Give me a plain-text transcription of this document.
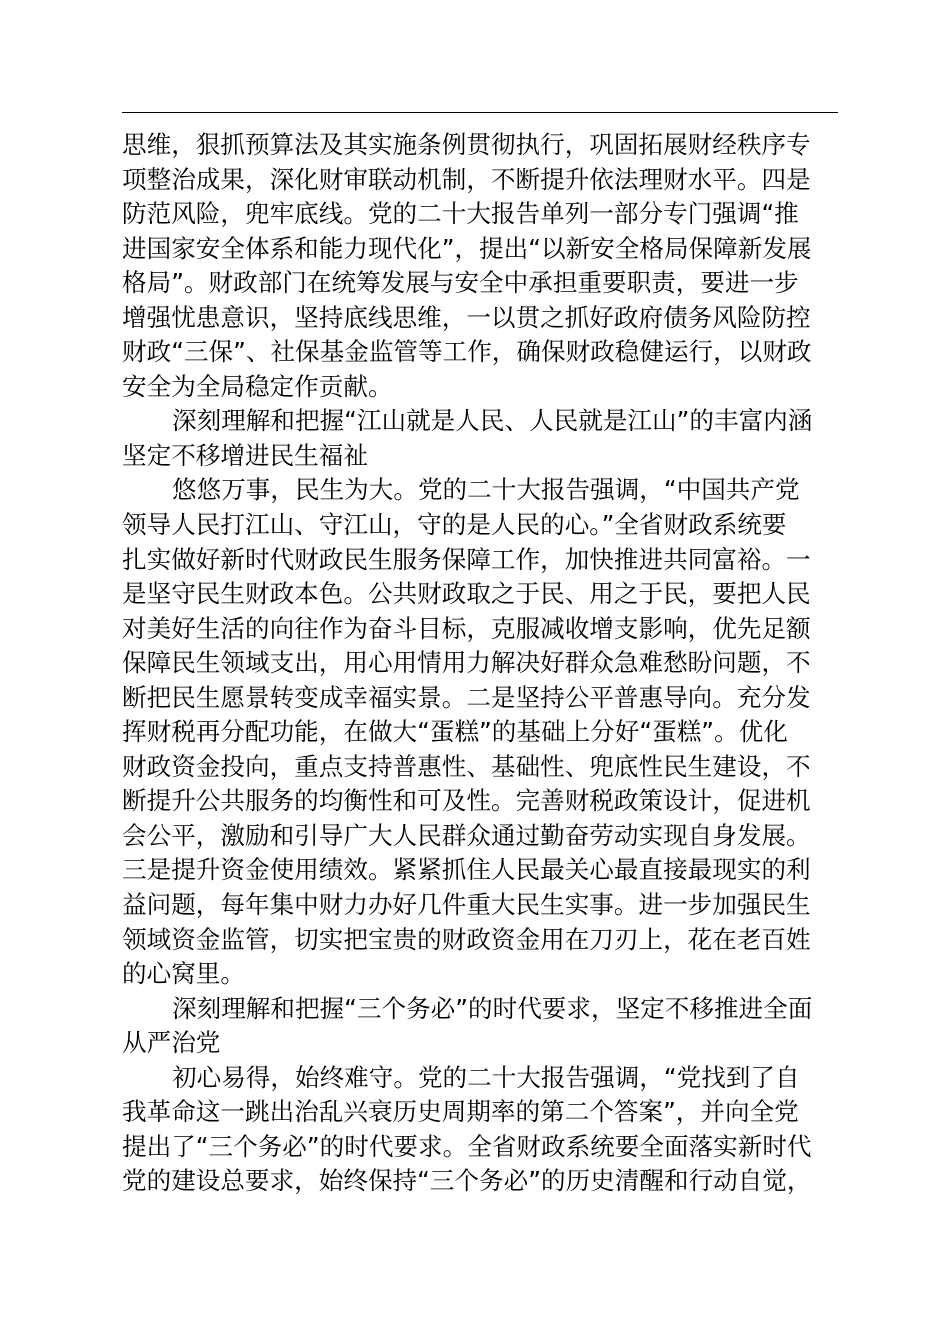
思维，狠抓预算法及其实施条例贯彻执行，巩固拓展财经秩序专
项整治成果，深化财审联动机制，不断提升依法理财水平。四是
防范风险，兜牢底线。党的二十大报告单列一部分专门强调“推
进国家安全体系和能力现代化”，提出“以新安全格局保障新发展
格局”。财政部门在统筹发展与安全中承担重要职责，要进一步
增强忧患意识，坚持底线思维，一以贯之抓好政府债务风险防控
财政“三保”、社保基金监管等工作，确保财政稳健运行，以财政
安全为全局稳定作贡献。
深刻理解和把握“江山就是人民、人民就是江山”的丰富内涵
坚定不移增进民生福祉
悠悠万事，民生为大。党的二十大报告强调，“中国共产党
领导人民打江山、守江山，守的是人民的心。”全省财政系统要
扎实做好新时代财政民生服务保障工作，加快推进共同富裕。一
是坚守民生财政本色。公共财政取之于民、用之于民，要把人民
对美好生活的向往作为奋斗目标，克服减收增支影响，优先足额
保障民生领域支出，用心用情用力解决好群众急难愁盼问题，不
断把民生愿景转变成幸福实景。二是坚持公平普惠导向。充分发
挥财税再分配功能，在做大“蛋糕”的基础上分好“蛋糕”。优化
财政资金投向，重点支持普惠性、基础性、兜底性民生建设，不
断提升公共服务的均衡性和可及性。完善财税政策设计，促进机
会公平，激励和引导广大人民群众通过勤奋劳动实现自身发展。
三是提升资金使用绩效。紧紧抓住人民最关心最直接最现实的利
益问题，每年集中财力办好几件重大民生实事。进一步加强民生
领域资金监管，切实把宝贵的财政资金用在刀刃上，花在老百姓
的心窝里。
深刻理解和把握“三个务必”的时代要求，坚定不移推进全面
从严治党
初心易得，始终难守。党的二十大报告强调，“党找到了自
我革命这一跳出治乱兴衰历史周期率的第二个答案”，并向全党
提出了“三个务必”的时代要求。全省财政系统要全面落实新时代
党的建设总要求，始终保持“三个务必”的历史清醒和行动自觉，
